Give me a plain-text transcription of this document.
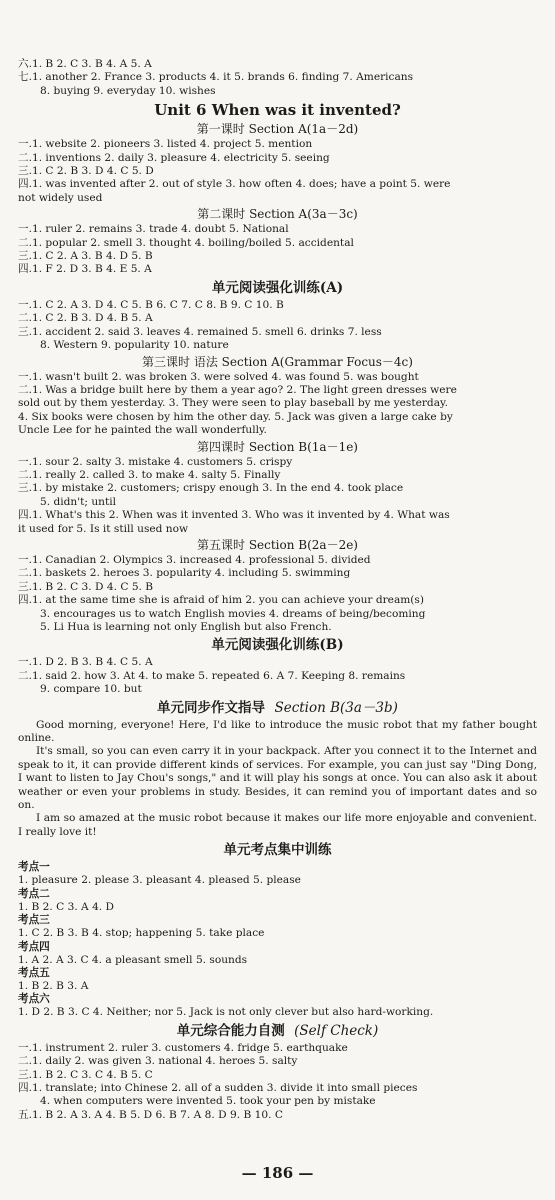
六.1. B 2. C 3. B 4. A 5. A
七.1. another 2. France 3. products 4. it 5. brands 6. finding 7. Americans
8. buying 9. everyday 10. wishes
Unit 6 When was it invented?
第一课时 Section A(1a－2d)
一.1. website 2. pioneers 3. listed 4. project 5. mention
二.1. inventions 2. daily 3. pleasure 4. electricity 5. seeing
三.1. C 2. B 3. D 4. C 5. D
四.1. was invented after 2. out of style 3. how often 4. does; have a point 5. were
not widely used
第二课时 Section A(3a－3c)
一.1. ruler 2. remains 3. trade 4. doubt 5. National
二.1. popular 2. smell 3. thought 4. boiling/boiled 5. accidental
三.1. C 2. A 3. B 4. D 5. B
四.1. F 2. D 3. B 4. E 5. A
单元阅读强化训练(A)
一.1. C 2. A 3. D 4. C 5. B 6. C 7. C 8. B 9. C 10. B
二.1. C 2. B 3. D 4. B 5. A
三.1. accident 2. said 3. leaves 4. remained 5. smell 6. drinks 7. less
8. Western 9. popularity 10. nature
第三课时 语法 Section A(Grammar Focus－4c)
一.1. wasn't built 2. was broken 3. were solved 4. was found 5. was bought
二.1. Was a bridge built here by them a year ago? 2. The light green dresses were
sold out by them yesterday. 3. They were seen to play baseball by me yesterday.
4. Six books were chosen by him the other day. 5. Jack was given a large cake by
Uncle Lee for he painted the wall wonderfully.
第四课时 Section B(1a－1e)
一.1. sour 2. salty 3. mistake 4. customers 5. crispy
二.1. really 2. called 3. to make 4. salty 5. Finally
三.1. by mistake 2. customers; crispy enough 3. In the end 4. took place
5. didn't; until
四.1. What's this 2. When was it invented 3. Who was it invented by 4. What was
it used for 5. Is it still used now
第五课时 Section B(2a－2e)
一.1. Canadian 2. Olympics 3. increased 4. professional 5. divided
二.1. baskets 2. heroes 3. popularity 4. including 5. swimming
三.1. B 2. C 3. D 4. C 5. B
四.1. at the same time she is afraid of him 2. you can achieve your dream(s)
3. encourages us to watch English movies 4. dreams of being/becoming
5. Li Hua is learning not only English but also French.
单元阅读强化训练(B)
一.1. D 2. B 3. B 4. C 5. A
二.1. said 2. how 3. At 4. to make 5. repeated 6. A 7. Keeping 8. remains
9. compare 10. but
单元同步作文指导 Section B(3a－3b)
Good morning, everyone! Here, I'd like to introduce the music robot that my father bought online.
It's small, so you can even carry it in your backpack. After you connect it to the Internet and speak to it, it can provide different kinds of services. For example, you can just say "Ding Dong, I want to listen to Jay Chou's songs," and it will play his songs at once. You can also ask it about weather or even your problems in study. Besides, it can remind you of important dates and so on.
I am so amazed at the music robot because it makes our life more enjoyable and convenient. I really love it!
单元考点集中训练
考点一
1. pleasure 2. please 3. pleasant 4. pleased 5. please
考点二
1. B 2. C 3. A 4. D
考点三
1. C 2. B 3. B 4. stop; happening 5. take place
考点四
1. A 2. A 3. C 4. a pleasant smell 5. sounds
考点五
1. B 2. B 3. A
考点六
1. D 2. B 3. C 4. Neither; nor 5. Jack is not only clever but also hard-working.
单元综合能力自测 (Self Check)
一.1. instrument 2. ruler 3. customers 4. fridge 5. earthquake
二.1. daily 2. was given 3. national 4. heroes 5. salty
三.1. B 2. C 3. C 4. B 5. C
四.1. translate; into Chinese 2. all of a sudden 3. divide it into small pieces
4. when computers were invented 5. took your pen by mistake
五.1. B 2. A 3. A 4. B 5. D 6. B 7. A 8. D 9. B 10. C
— 186 —
